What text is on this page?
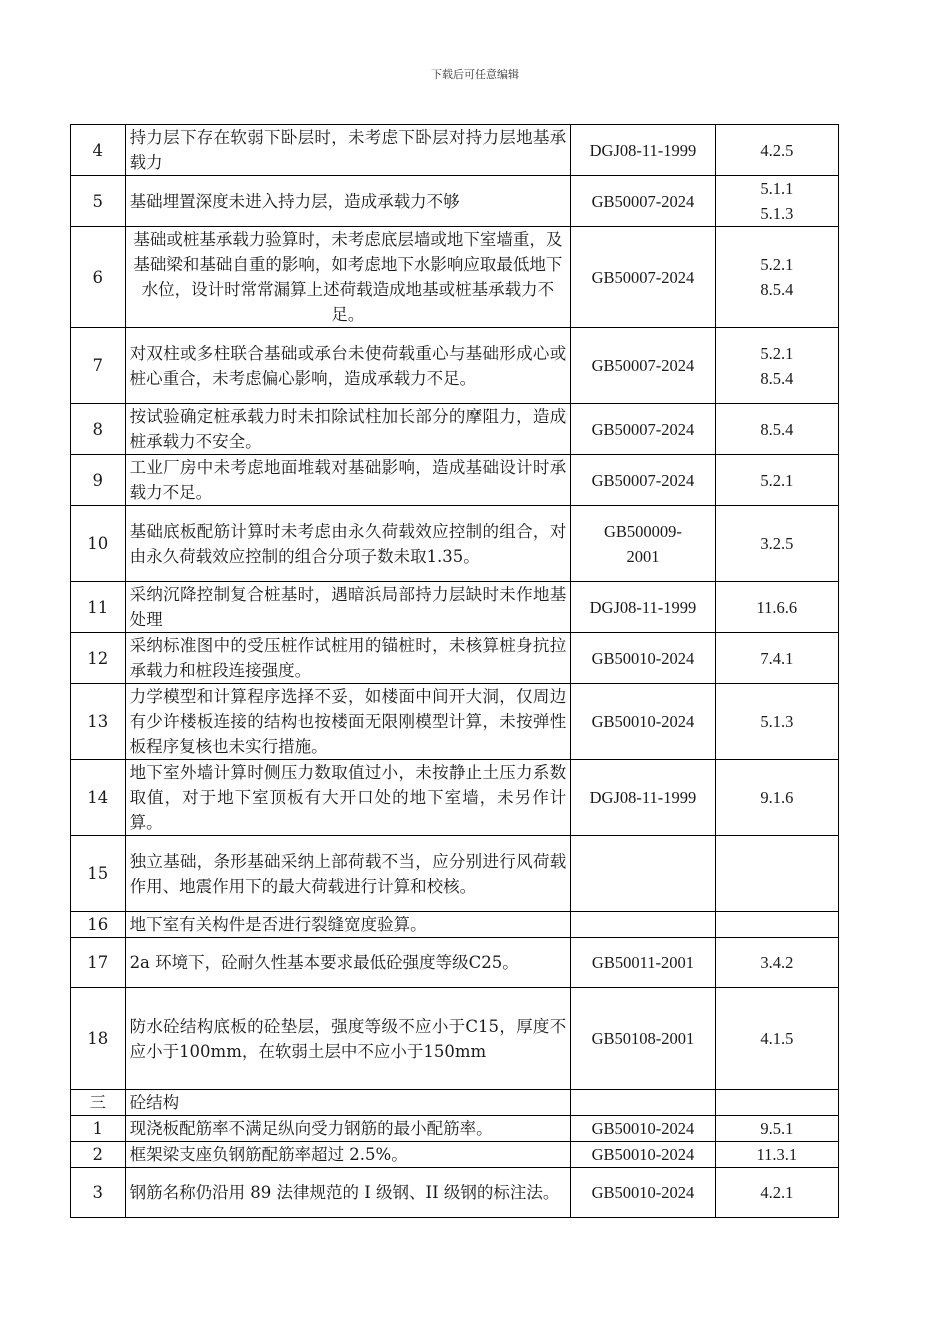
下载后可任意编辑
4	持力层下存在软弱下卧层时，未考虑下卧层对持力层地基承载力	DGJ08-11-1999	4.2.5

5	基础埋置深度未进入持力层，造成承载力不够	GB50007-2024	5.1.1
5.1.3

6	基础或桩基承载力验算时，未考虑底层墙或地下室墙重，及基础梁和基础自重的影响，如考虑地下水影响应取最低地下水位，设计时常常漏算上述荷载造成地基或桩基承载力不足。	GB50007-2024	5.2.1
8.5.4

7	对双柱或多柱联合基础或承台未使荷载重心与基础形成心或桩心重合，未考虑偏心影响，造成承载力不足。	GB50007-2024	5.2.1
8.5.4

8	按试验确定桩承载力时未扣除试柱加长部分的摩阻力，造成桩承载力不安全。	GB50007-2024	8.5.4

9	工业厂房中未考虑地面堆载对基础影响，造成基础设计时承载力不足。	GB50007-2024	5.2.1

10	基础底板配筋计算时未考虑由永久荷载效应控制的组合，对由永久荷载效应控制的组合分项子数未取1.35。	GB500009-
2001	3.2.5

11	采纳沉降控制复合桩基时，遇暗浜局部持力层缺时未作地基处理	DGJ08-11-1999	11.6.6

12	采纳标准图中的受压桩作试桩用的锚桩时，未核算桩身抗拉承载力和桩段连接强度。	GB50010-2024	7.4.1

13	力学模型和计算程序选择不妥，如楼面中间开大洞，仅周边有少许楼板连接的结构也按楼面无限刚模型计算，未按弹性板程序复核也未实行措施。	GB50010-2024	5.1.3

14	地下室外墙计算时侧压力数取值过小，未按静止土压力系数取值，对于地下室顶板有大开口处的地下室墙，未另作计算。	DGJ08-11-1999	9.1.6

15	独立基础，条形基础采纳上部荷载不当，应分别进行风荷载作用、地震作用下的最大荷载进行计算和校核。		

16	地下室有关构件是否进行裂缝宽度验算。		

17	2a 环境下，砼耐久性基本要求最低砼强度等级C25。	GB50011-2001	3.4.2

18	防水砼结构底板的砼垫层，强度等级不应小于C15，厚度不应小于100mm，在软弱土层中不应小于150mm	GB50108-2001	4.1.5

三	砼结构		

1	现浇板配筋率不满足纵向受力钢筋的最小配筋率。	GB50010-2024	9.5.1

2	框架梁支座负钢筋配筋率超过 2.5%。	GB50010-2024	11.3.1

3	钢筋名称仍沿用 89 法律规范的 I 级钢、II 级钢的标注法。	GB50010-2024	4.2.1
